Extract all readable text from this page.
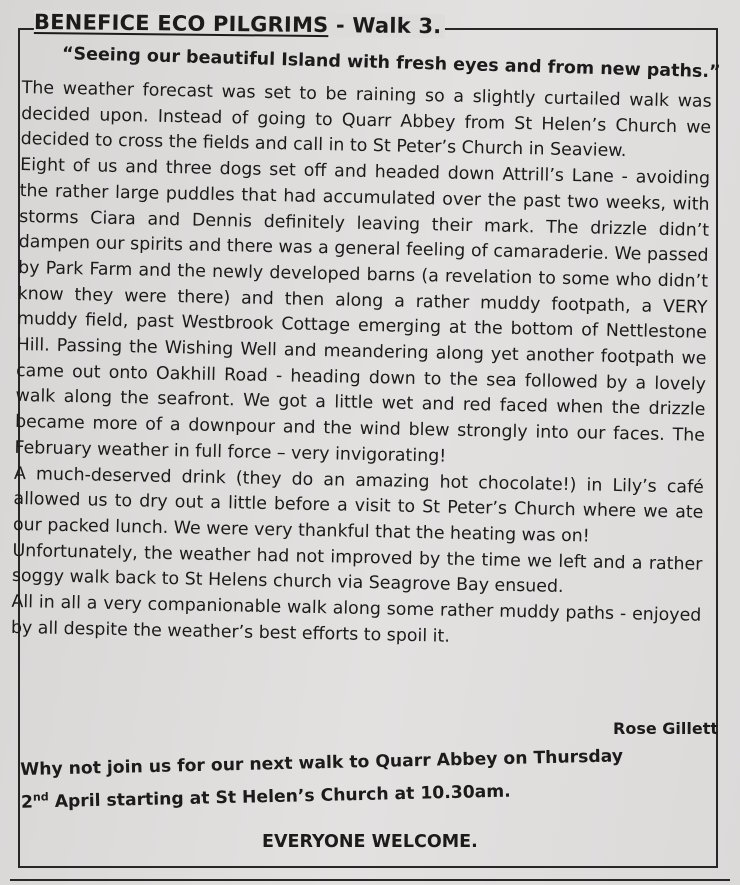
BENEFICE ECO PILGRIMS - Walk 3.
“Seeing our beautiful Island with fresh eyes and from new paths.”

The weather forecast was set to be raining so a slightly curtailed walk was decided upon. Instead of going to Quarr Abbey from St Helen’s Church we decided to cross the fields and call in to St Peter’s Church in Seaview.

Eight of us and three dogs set off and headed down Attrill’s Lane - avoiding the rather large puddles that had accumulated over the past two weeks, with storms Ciara and Dennis definitely leaving their mark. The drizzle didn’t dampen our spirits and there was a general feeling of camaraderie. We passed by Park Farm and the newly developed barns (a revelation to some who didn’t know they were there) and then along a rather muddy footpath, a VERY muddy field, past Westbrook Cottage emerging at the bottom of Nettlestone Hill. Passing the Wishing Well and meandering along yet another footpath we came out onto Oakhill Road - heading down to the sea followed by a lovely walk along the seafront. We got a little wet and red faced when the drizzle became more of a downpour and the wind blew strongly into our faces. The February weather in full force – very invigorating!

A much-deserved drink (they do an amazing hot chocolate!) in Lily’s café allowed us to dry out a little before a visit to St Peter’s Church where we ate our packed lunch. We were very thankful that the heating was on!

Unfortunately, the weather had not improved by the time we left and a rather soggy walk back to St Helens church via Seagrove Bay ensued.

All in all a very companionable walk along some rather muddy paths - enjoyed by all despite the weather’s best efforts to spoil it.

Rose Gillett

Why not join us for our next walk to Quarr Abbey on Thursday

2nd April starting at St Helen’s Church at 10.30am.

EVERYONE WELCOME.
